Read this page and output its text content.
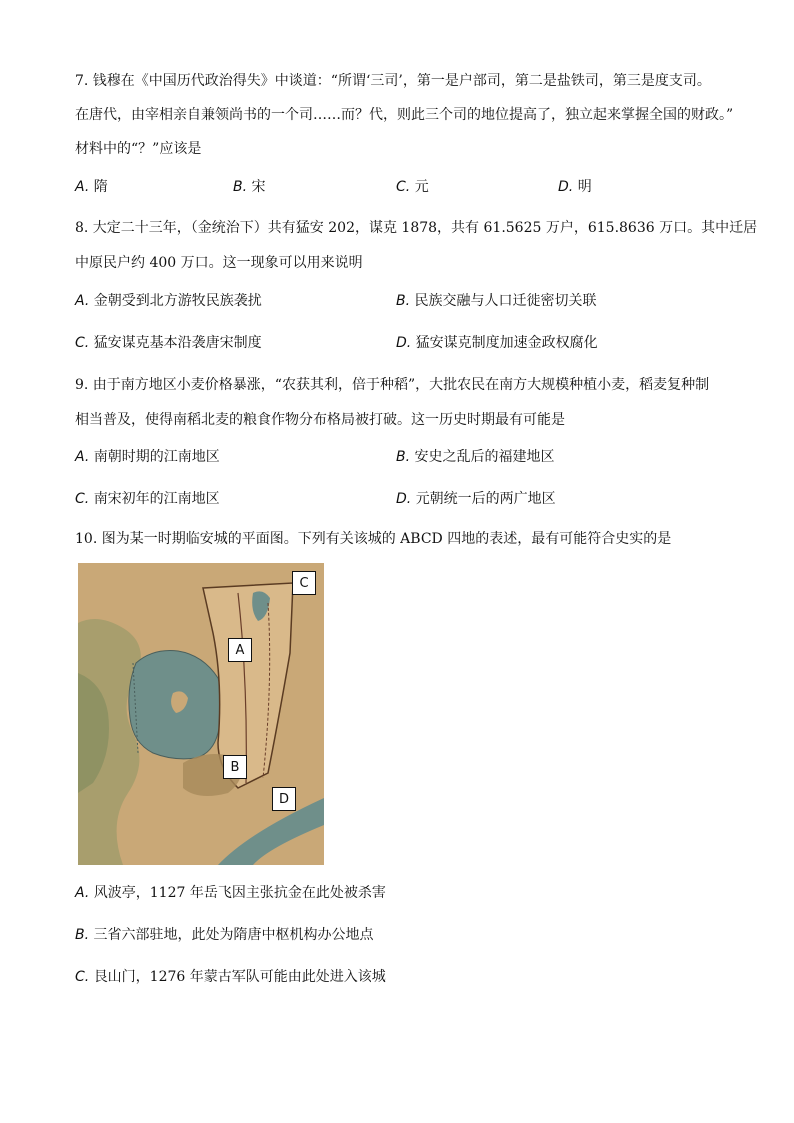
7. 钱穆在《中国历代政治得失》中谈道：“所谓‘三司’，第一是户部司，第二是盐铁司，第三是度支司。
在唐代，由宰相亲自兼领尚书的一个司……而？代，则此三个司的地位提高了，独立起来掌握全国的财政。”
材料中的“？”应该是
A. 隋	B. 宋	C. 元	D. 明
8. 大定二十三年，（金统治下）共有猛安 202，谋克 1878，共有 61.5625 万户，615.8636 万口。其中迁居
中原民户约 400 万口。这一现象可以用来说明
A. 金朝受到北方游牧民族袭扰	B. 民族交融与人口迁徙密切关联
C. 猛安谋克基本沿袭唐宋制度	D. 猛安谋克制度加速金政权腐化
9. 由于南方地区小麦价格暴涨，“农获其利，倍于种稻”，大批农民在南方大规模种植小麦，稻麦复种制
相当普及，使得南稻北麦的粮食作物分布格局被打破。这一历史时期最有可能是
A. 南朝时期的江南地区	B. 安史之乱后的福建地区
C. 南宋初年的江南地区	D. 元朝统一后的两广地区
10. 图为某一时期临安城的平面图。下列有关该城的 ABCD 四地的表述，最有可能符合史实的是
C
A
B
D
A. 风波亭，1127 年岳飞因主张抗金在此处被杀害
B. 三省六部驻地，此处为隋唐中枢机构办公地点
C. 艮山门，1276 年蒙古军队可能由此处进入该城
